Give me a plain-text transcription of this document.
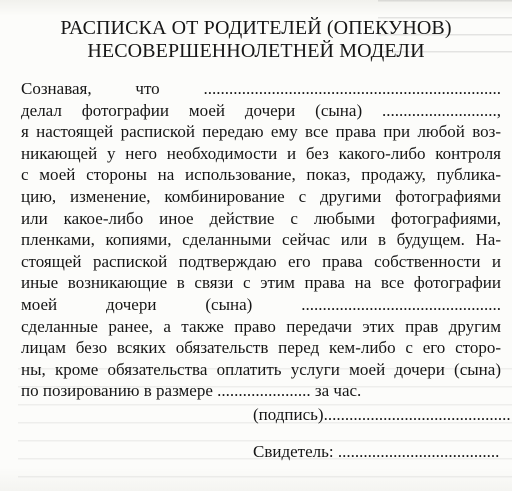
РАСПИСКА ОТ РОДИТЕЛЕЙ (ОПЕКУНОВ)
НЕСОВЕРШЕННОЛЕТНЕЙ МОДЕЛИ
Сознавая, что ......................................................................
делал фотографии моей дочери (сына) ...........................,
я настоящей распиской передаю ему все права при любой воз-
никающей у него необходимости и без какого-либо контроля
с моей стороны на использование, показ, продажу, публика-
цию, изменение, комбинирование с другими фотографиями
или какое-либо иное действие с любыми фотографиями,
пленками, копиями, сделанными сейчас или в будущем. На-
стоящей распиской подтверждаю его права собственности и
иные возникающие в связи с этим права на все фотографии
моей дочери (сына) ...............................................
сделанные ранее, а также право передачи этих прав другим
лицам безо всяких обязательств перед кем-либо с его сторо-
ны, кроме обязательства оплатить услуги моей дочери (сына)
по позированию в размере ...................... за час.
(подпись)............................................
Свидетель: ......................................
